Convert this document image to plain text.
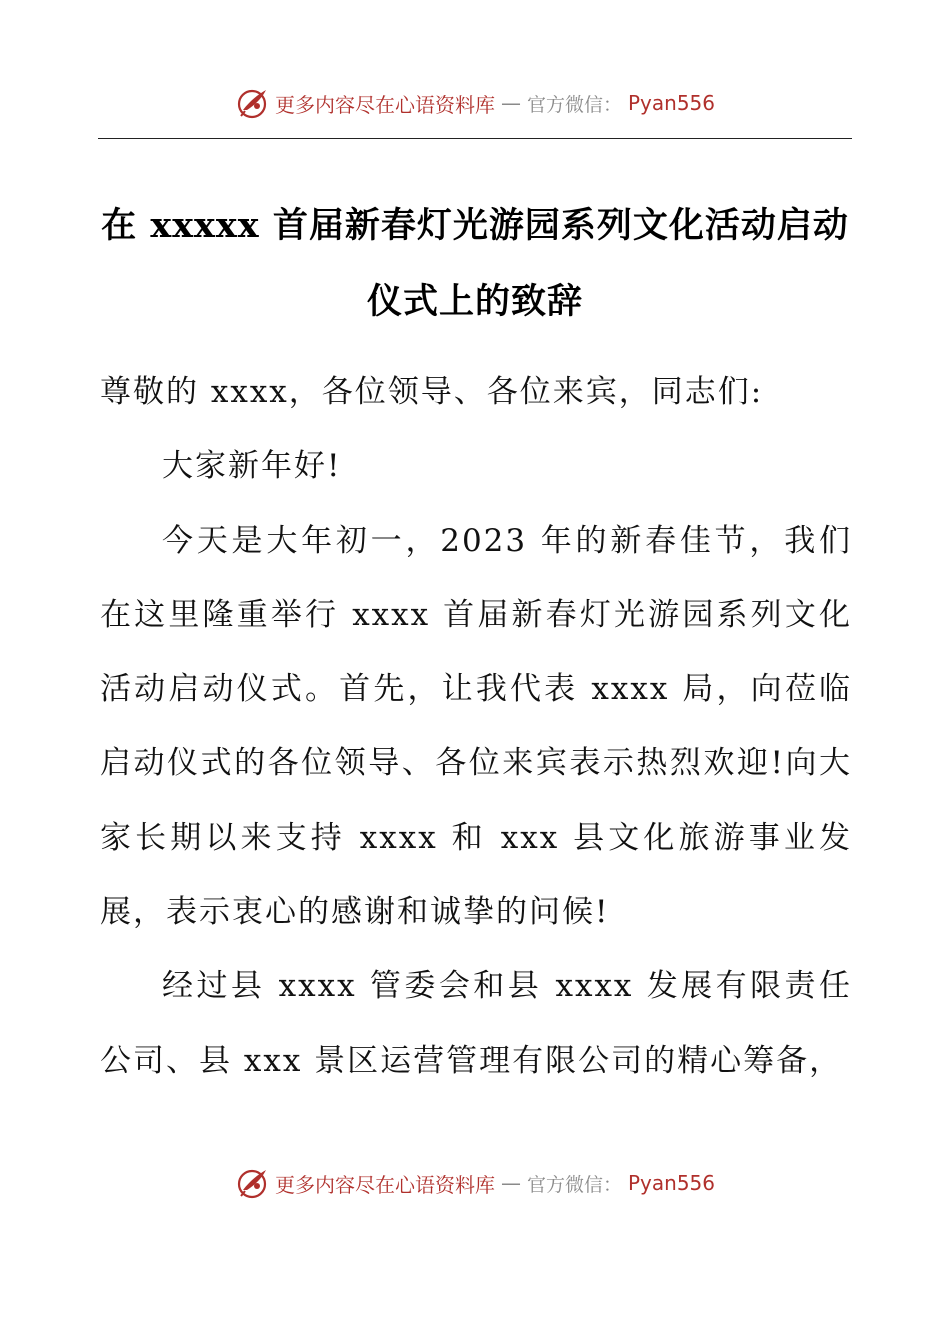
更多内容尽在心语资料库 — 官方微信： Pyan556
在 xxxxx 首届新春灯光游园系列文化活动启动仪式上的致辞

尊敬的 xxxx，各位领导、各位来宾，同志们:

大家新年好!

今天是大年初一，2023 年的新春佳节，我们在这里隆重举行 xxxx 首届新春灯光游园系列文化活动启动仪式。首先，让我代表 xxxx 局，向莅临启动仪式的各位领导、各位来宾表示热烈欢迎!向大家长期以来支持 xxxx 和 xxx 县文化旅游事业发展，表示衷心的感谢和诚挚的问候!

经过县 xxxx 管委会和县 xxxx 发展有限责任公司、县 xxx 景区运营管理有限公司的精心筹备，

更多内容尽在心语资料库 — 官方微信： Pyan556
